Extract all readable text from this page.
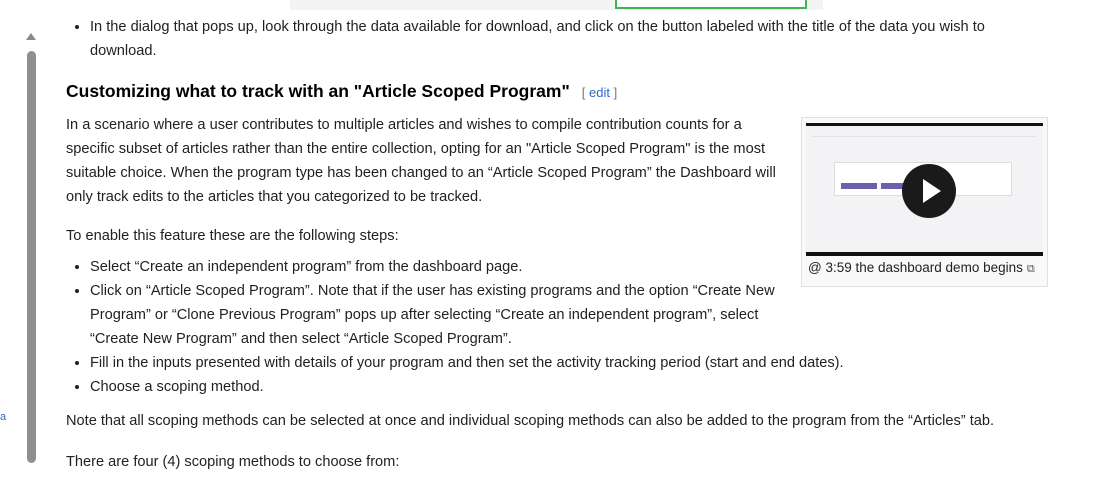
a
• In the dialog that pops up, look through the data available for download, and click on the button labeled with the title of the data you wish to download.
Customizing what to track with an "Article Scoped Program" [ edit ]

In a scenario where a user contributes to multiple articles and wishes to compile contribution counts for a specific subset of articles rather than the entire collection, opting for an "Article Scoped Program" is the most suitable choice. When the program type has been changed to an “Article Scoped Program” the Dashboard will only track edits to the articles that you categorized to be tracked.

To enable this feature these are the following steps:

• Select “Create an independent program” from the dashboard page.
• Click on “Article Scoped Program”. Note that if the user has existing programs and the option “Create New Program” or “Clone Previous Program” pops up after selecting “Create an independent program”, select “Create New Program” and then select “Article Scoped Program”.
• Fill in the inputs presented with details of your program and then set the activity tracking period (start and end dates).
• Choose a scoping method.

Note that all scoping methods can be selected at once and individual scoping methods can also be added to the program from the “Articles” tab.

There are four (4) scoping methods to choose from:

@ 3:59 the dashboard demo begins ⧉
